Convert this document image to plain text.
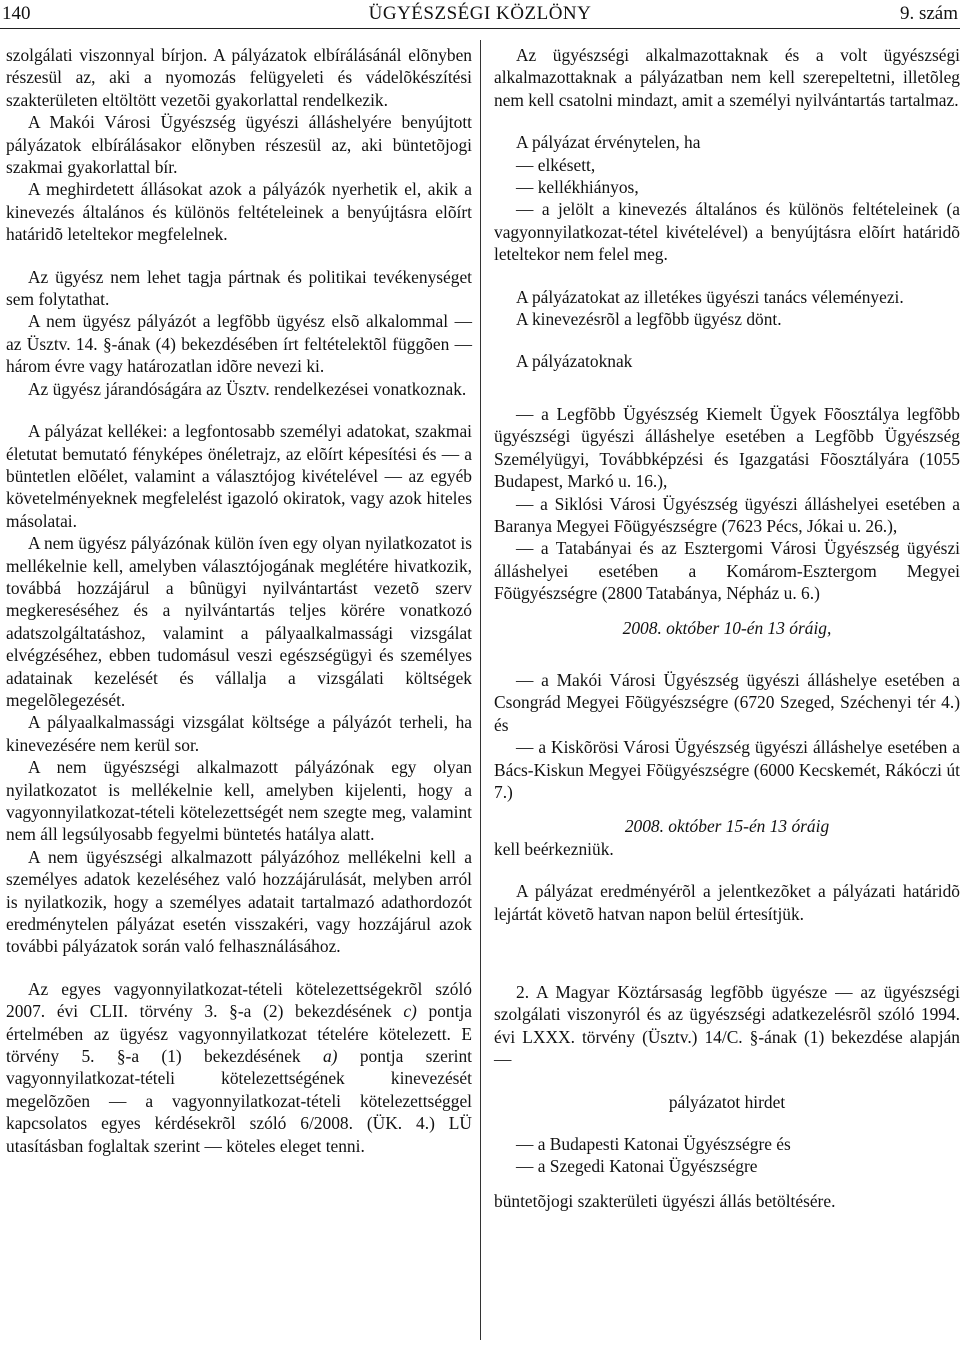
ÜGYÉSZSÉGI KÖZLÖNY
140	9. szám

szolgálati viszonnyal bírjon. A pályázatok elbírálásánál elõnyben részesül az, aki a nyomozás felügyeleti és vádelõkészítési szakterületen eltöltött vezetõi gyakorlattal rendelkezik.

A Makói Városi Ügyészség ügyészi álláshelyére benyújtott pályázatok elbírálásakor elõnyben részesül az, aki büntetõjogi szakmai gyakorlattal bír.

A meghirdetett állásokat azok a pályázók nyerhetik el, akik a kinevezés általános és különös feltételeinek a benyújtásra elõírt határidõ leteltekor megfelelnek.

Az ügyész nem lehet tagja pártnak és politikai tevékenységet sem folytathat.

A nem ügyész pályázót a legfõbb ügyész elsõ alkalommal — az Üsztv. 14. §-ának (4) bekezdésében írt feltételektõl függõen — három évre vagy határozatlan idõre nevezi ki.

Az ügyész járandóságára az Üsztv. rendelkezései vonatkoznak.

A pályázat kellékei: a legfontosabb személyi adatokat, szakmai életutat bemutató fényképes önéletrajz, az elõírt képesítési és — a büntetlen elõélet, valamint a választójog kivételével — az egyéb követelményeknek megfelelést igazoló okiratok, vagy azok hiteles másolatai.

A nem ügyész pályázónak külön íven egy olyan nyilatkozatot is mellékelnie kell, amelyben választójogának meglétére hivatkozik, továbbá hozzájárul a bûnügyi nyilvántartást vezetõ szerv megkereséséhez és a nyilvántartás teljes körére vonatkozó adatszolgáltatáshoz, valamint a pályaalkalmassági vizsgálat elvégzéséhez, ebben tudomásul veszi egészségügyi és személyes adatainak kezelését és vállalja a vizsgálati költségek megelõlegezését.

A pályaalkalmassági vizsgálat költsége a pályázót terheli, ha kinevezésére nem kerül sor.

A nem ügyészségi alkalmazott pályázónak egy olyan nyilatkozatot is mellékelnie kell, amelyben kijelenti, hogy a vagyonnyilatkozat-tételi kötelezettségét nem szegte meg, valamint nem áll legsúlyosabb fegyelmi büntetés hatálya alatt.

A nem ügyészségi alkalmazott pályázóhoz mellékelni kell a személyes adatok kezeléséhez való hozzájárulását, melyben arról is nyilatkozik, hogy a személyes adatait tartalmazó adathordozót eredménytelen pályázat esetén visszakéri, vagy hozzájárul azok további pályázatok során való felhasználásához.

Az egyes vagyonnyilatkozat-tételi kötelezettségekrõl szóló 2007. évi CLII. törvény 3. §-a (2) bekezdésének c) pontja értelmében az ügyész vagyonnyilatkozat tételére kötelezett. E törvény 5. §-a (1) bekezdésének a) pontja szerint vagyonnyilatkozat-tételi kötelezettségének kinevezését megelõzõen — a vagyonnyilatkozat-tételi kötelezettséggel kapcsolatos egyes kérdésekrõl szóló 6/2008. (ÜK. 4.) LÜ utasításban foglaltak szerint — köteles eleget tenni.

Az ügyészségi alkalmazottaknak és a volt ügyészségi alkalmazottaknak a pályázatban nem kell szerepeltetni, illetõleg nem kell csatolni mindazt, amit a személyi nyilvántartás tartalmaz.

A pályázat érvénytelen, ha

— elkésett,

— kellékhiányos,

— a jelölt a kinevezés általános és különös feltételeinek (a vagyonnyilatkozat-tétel kivételével) a benyújtásra elõírt határidõ leteltekor nem felel meg.

A pályázatokat az illetékes ügyészi tanács véleményezi.

A kinevezésrõl a legfõbb ügyész dönt.

A pályázatoknak

— a Legfõbb Ügyészség Kiemelt Ügyek Fõosztálya legfõbb ügyészségi ügyészi álláshelye esetében a Legfõbb Ügyészség Személyügyi, Továbbképzési és Igazgatási Fõosztályára (1055 Budapest, Markó u. 16.),

— a Siklósi Városi Ügyészség ügyészi álláshelyei esetében a Baranya Megyei Fõügyészségre (7623 Pécs, Jókai u. 26.),

— a Tatabányai és az Esztergomi Városi Ügyészség ügyészi álláshelyei esetében a Komárom-Esztergom Megyei Fõügyészségre (2800 Tatabánya, Népház u. 6.)

2008. október 10-én 13 óráig,

— a Makói Városi Ügyészség ügyészi álláshelye esetében a Csongrád Megyei Fõügyészségre (6720 Szeged, Széchenyi tér 4.) és

— a Kiskõrösi Városi Ügyészség ügyészi álláshelye esetében a Bács-Kiskun Megyei Fõügyészségre (6000 Kecskemét, Rákóczi út 7.)

2008. október 15-én 13 óráig

kell beérkezniük.

A pályázat eredményérõl a jelentkezõket a pályázati határidõ lejártát követõ hatvan napon belül értesítjük.

2. A Magyar Köztársaság legfõbb ügyésze — az ügyészségi szolgálati viszonyról és az ügyészségi adatkezelésrõl szóló 1994. évi LXXX. törvény (Üsztv.) 14/C. §-ának (1) bekezdése alapján —

pályázatot hirdet

— a Budapesti Katonai Ügyészségre és

— a Szegedi Katonai Ügyészségre

büntetõjogi szakterületi ügyészi állás betöltésére.
